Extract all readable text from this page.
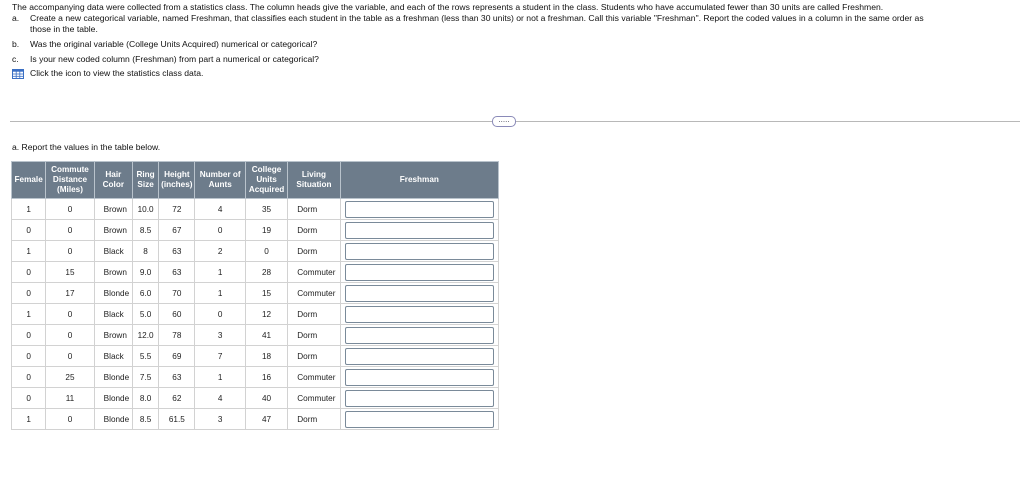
The accompanying data were collected from a statistics class. The column heads give the variable, and each of the rows represents a student in the class. Students who have accumulated fewer than 30 units are called Freshmen.

a.	Create a new categorical variable, named Freshman, that classifies each student in the table as a freshman (less than 30 units) or not a freshman. Call this variable "Freshman". Report the coded values in a column in the same order as
those in the table.
b.	Was the original variable (College Units Acquired) numerical or categorical?
c.	Is your new coded column (Freshman) from part a numerical or categorical?
Click the icon to view the statistics class data.
.....
a. Report the values in the table below.
Female	Commute
Distance
(Miles)	Hair
Color	Ring
Size	Height
(inches)	Number of
Aunts	College
Units
Acquired	Living
Situation	Freshman
1	0	Brown	10.0	72	4	35	Dorm	

0	0	Brown	8.5	67	0	19	Dorm	

1	0	Black	8	63	2	0	Dorm	

0	15	Brown	9.0	63	1	28	Commuter	

0	17	Blonde	6.0	70	1	15	Commuter	

1	0	Black	5.0	60	0	12	Dorm	

0	0	Brown	12.0	78	3	41	Dorm	

0	0	Black	5.5	69	7	18	Dorm	

0	25	Blonde	7.5	63	1	16	Commuter	

0	11	Blonde	8.0	62	4	40	Commuter	

1	0	Blonde	8.5	61.5	3	47	Dorm	
